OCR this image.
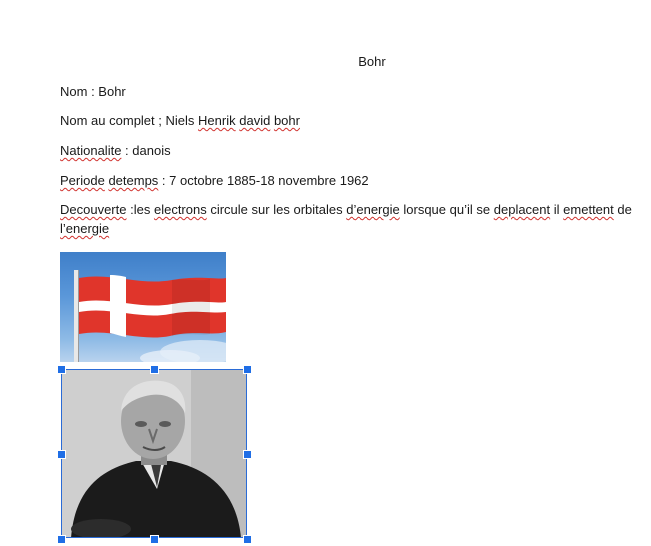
Bohr
Nom : Bohr
Nom au complet ; Niels Henrik david bohr
Nationalite : danois
Periode detemps : 7 octobre 1885-18 novembre 1962
Decouverte :les electrons circule sur les orbitales d’energie lorsque qu’il se deplacent il emettent de
l’energie
